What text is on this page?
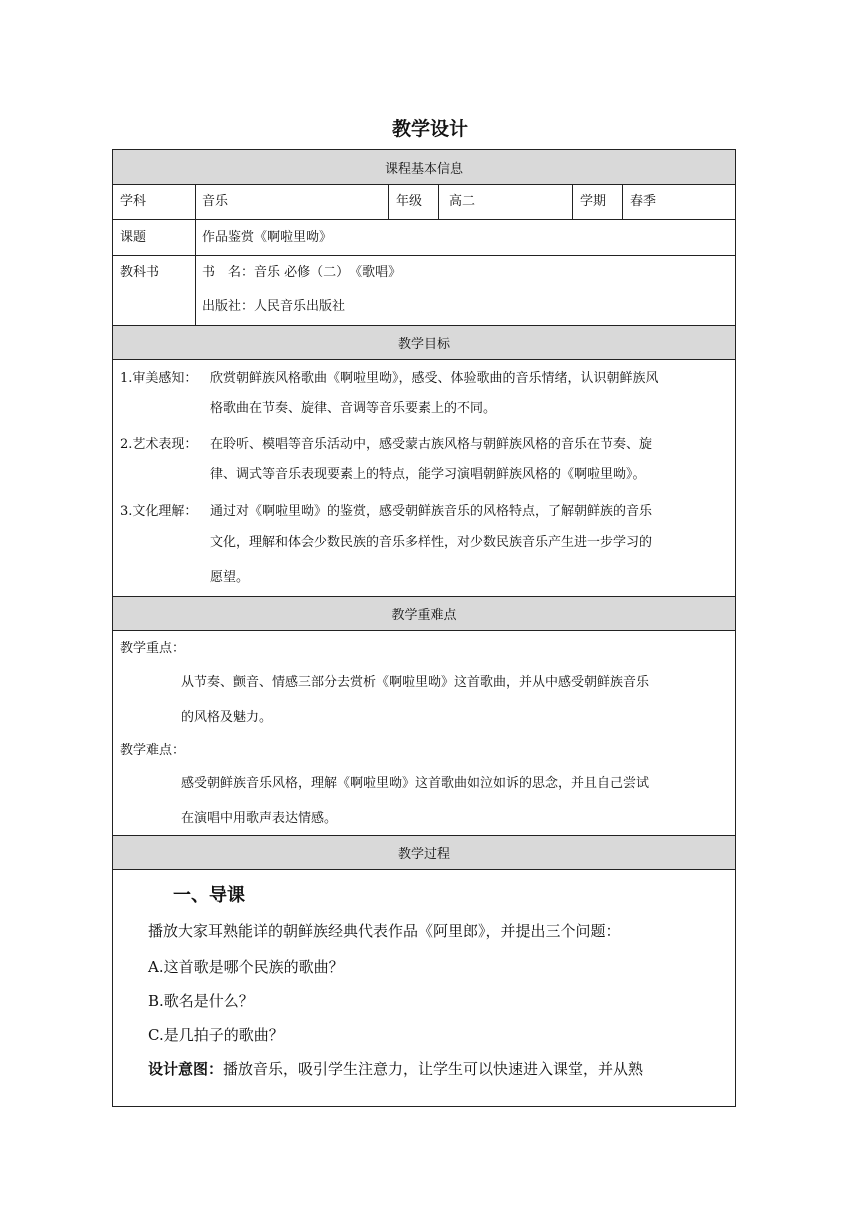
教学设计
课程基本信息
学科	音乐	年级 高二	学期 春季
课题	作品鉴赏《啊啦里呦》
教科书	书　名：音乐 必修（二）　《歌唱》
出版社：人民音乐出版社
教学目标
1.审美感知： 欣赏朝鲜族风格歌曲《啊啦里呦》，感受、体验歌曲的音乐情绪，认识朝鲜族风
格歌曲在节奏、旋律、音调等音乐要素上的不同。
2.艺术表现： 在聆听、模唱等音乐活动中，感受蒙古族风格与朝鲜族风格的音乐在节奏、旋
律、调式等音乐表现要素上的特点，能学习演唱朝鲜族风格的《啊啦里呦》。
3.文化理解： 通过对《啊啦里呦》的鉴赏，感受朝鲜族音乐的风格特点，了解朝鲜族的音乐
文化，理解和体会少数民族的音乐多样性，对少数民族音乐产生进一步学习的
愿望。
教学重难点
教学重点：
从节奏、颤音、情感三部分去赏析《啊啦里呦》这首歌曲，并从中感受朝鲜族音乐
的风格及魅力。
教学难点：
感受朝鲜族音乐风格，理解《啊啦里呦》这首歌曲如泣如诉的思念，并且自己尝试
在演唱中用歌声表达情感。
教学过程
一、导课
播放大家耳熟能详的朝鲜族经典代表作品《阿里郎》，并提出三个问题：
A.这首歌是哪个民族的歌曲？
B.歌名是什么？
C.是几拍子的歌曲？
设计意图：播放音乐，吸引学生注意力，让学生可以快速进入课堂，并从熟
